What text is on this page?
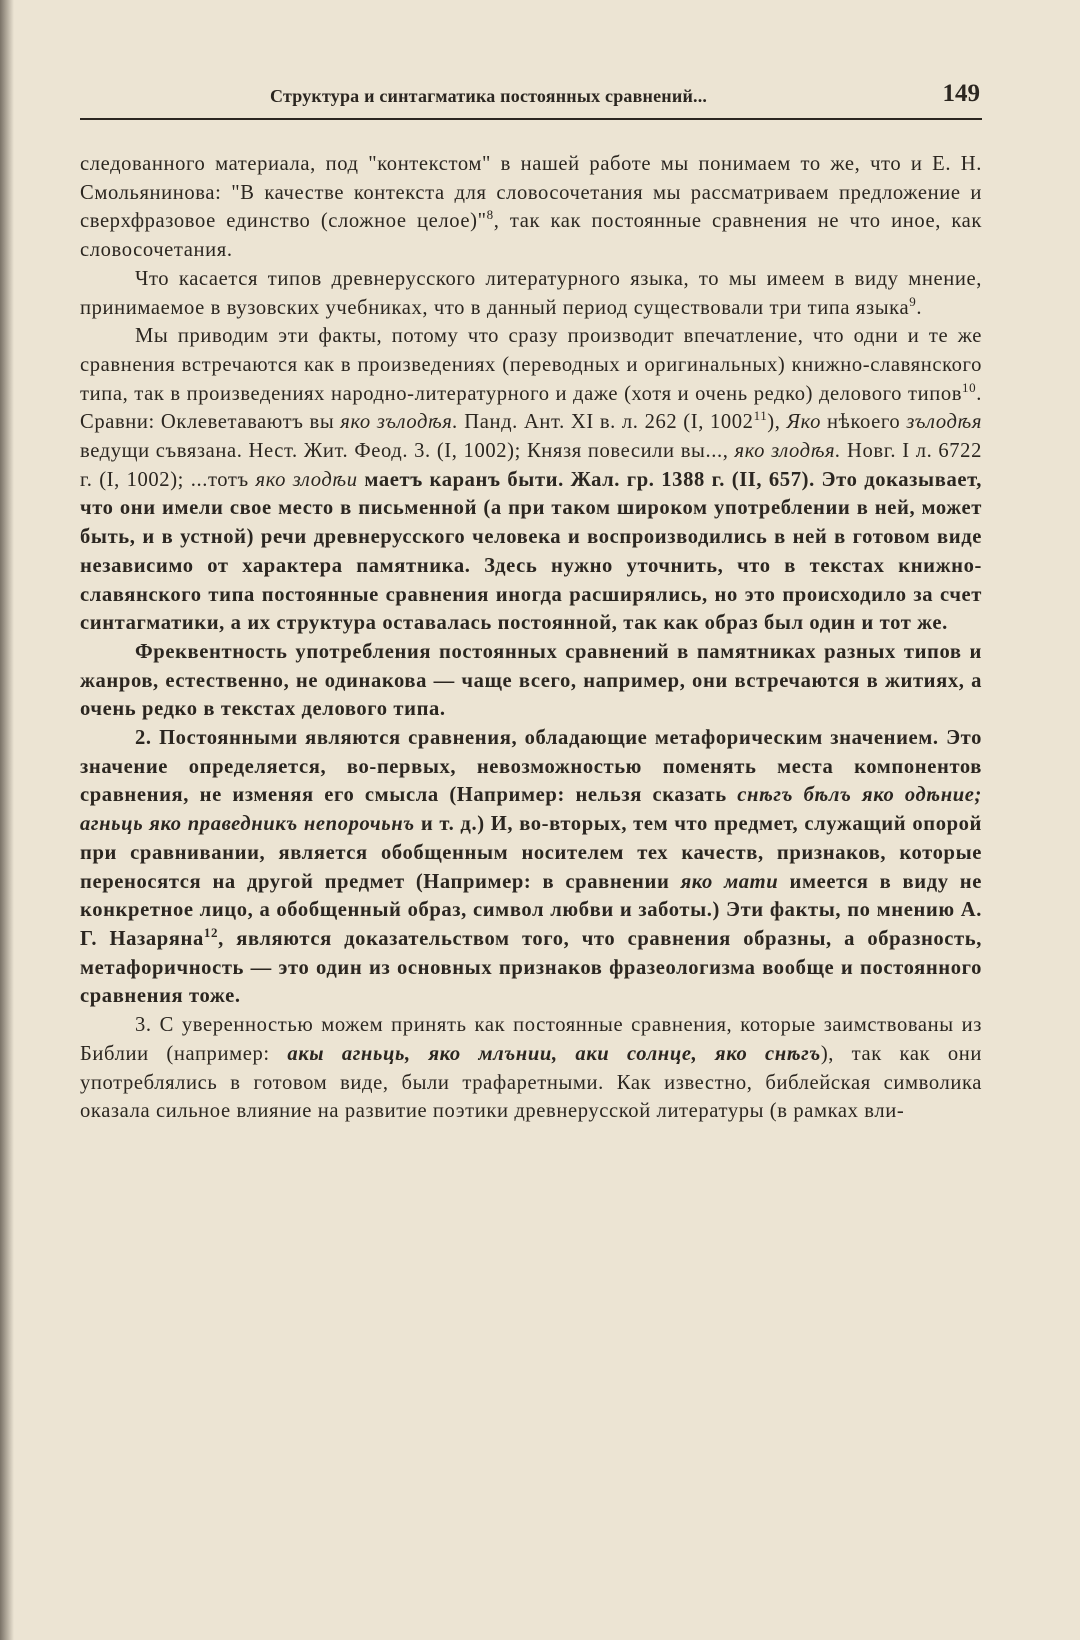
Структура и синтагматика постоянных сравнений...	149

следованного материала, под "контекстом" в нашей работе мы понимаем то же, что и Е. Н. Смольянинова: "В качестве контекста для словосочетания мы рассматриваем предложение и сверхфразовое единство (сложное целое)"$^8$, так как постоянные сравнения не что иное, как словосочетания.

Что касается типов древнерусского литературного языка, то мы имеем в виду мнение, принимаемое в вузовских учебниках, что в данный период существовали три типа языка$^9$.

Мы приводим эти факты, потому что сразу производит впечатление, что одни и те же сравнения встречаются как в произведениях (переводных и оригинальных) книжно-славянского типа, так в произведениях народно-литературного и даже (хотя и очень редко) делового типов$^{10}$. Сравни: Оклеветаваютъ вы яко зълодѣя. Панд. Ант. XI в. л. 262 (I, 1002$^{11}$), Яко нѣкоего зълодѣя ведущи съвязана. Нест. Жит. Феод. 3. (I, 1002); Князя повесили вы..., яко злодѣя. Новг. I л. 6722 г. (I, 1002); ...тотъ яко злодѣи маетъ каранъ быти. Жал. гр. 1388 г. (II, 657). Это доказывает, что они имели свое место в письменной (а при таком широком употреблении в ней, может быть, и в устной) речи древнерусского человека и воспроизводились в ней в готовом виде независимо от характера памятника. Здесь нужно уточнить, что в текстах книжно-славянского типа постоянные сравнения иногда расширялись, но это происходило за счет синтагматики, а их структура оставалась постоянной, так как образ был один и тот же.

Фреквентность употребления постоянных сравнений в памятниках разных типов и жанров, естественно, не одинакова — чаще всего, например, они встречаются в житиях, а очень редко в текстах делового типа.

2. Постоянными являются сравнения, обладающие метафорическим значением. Это значение определяется, во-первых, невозможностью поменять места компонентов сравнения, не изменяя его смысла (Например: нельзя сказать снѣгъ бѣлъ яко одѣние; агньць яко праведникъ непорочьнъ и т. д.) И, во-вторых, тем что предмет, служащий опорой при сравнивании, является обобщенным носителем тех качеств, признаков, которые переносятся на другой предмет (Например: в сравнении яко мати имеется в виду не конкретное лицо, а обобщенный образ, символ любви и заботы.) Эти факты, по мнению А. Г. Назаряна$^{12}$, являются доказательством того, что сравнения образны, а образность, метафоричность — это один из основных признаков фразеологизма вообще и постоянного сравнения тоже.

3. С уверенностью можем принять как постоянные сравнения, которые заимствованы из Библии (например: акы агньць, яко млънии, аки солнце, яко снѣгъ), так как они употреблялись в готовом виде, были трафаретными. Как известно, библейская символика оказала сильное влияние на развитие поэтики древнерусской литературы (в рамках вли-
